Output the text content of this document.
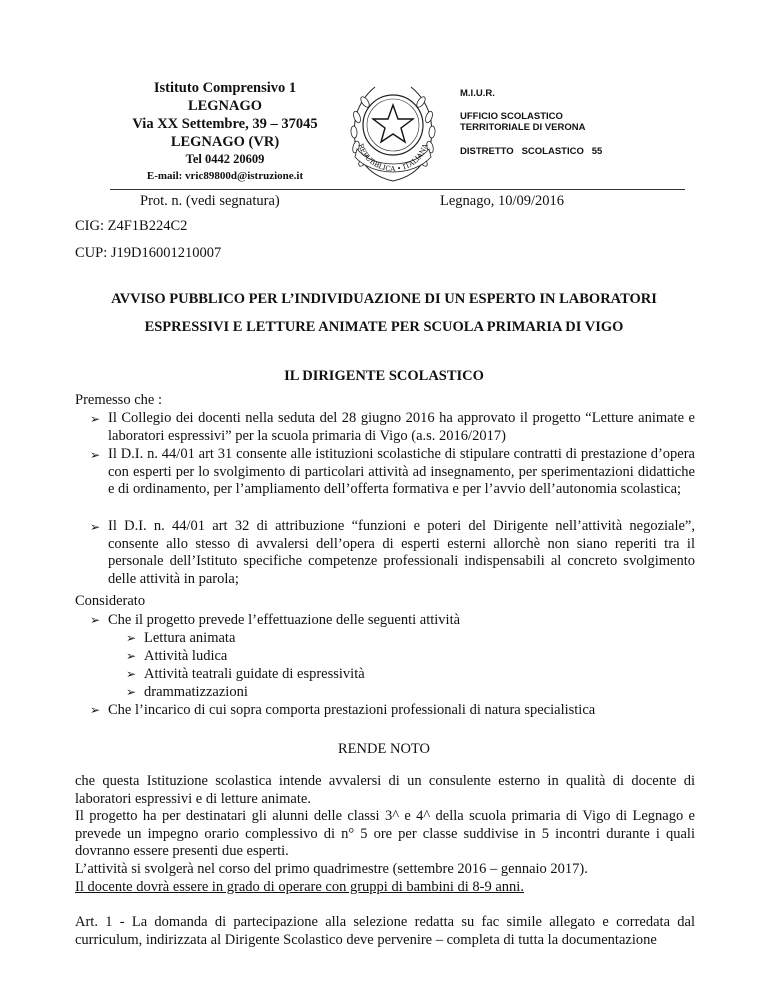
Istituto Comprensivo 1
LEGNAGO
Via XX Settembre, 39 – 37045
LEGNAGO (VR)
Tel 0442 20609
E-mail: vric89800d@istruzione.it
REPUBBLICA • ITALIANA
M.I.U.R.
UFFICIO SCOLASTICO
TERRITORIALE DI VERONA
DISTRETTO   SCOLASTICO   55
Prot. n. (vedi segnatura)	Legnago, 10/09/2016
CIG: Z4F1B224C2
CUP: J19D16001210007
AVVISO PUBBLICO PER L’INDIVIDUAZIONE DI UN ESPERTO IN LABORATORI
ESPRESSIVI E LETTURE ANIMATE PER SCUOLA PRIMARIA DI VIGO
IL DIRIGENTE SCOLASTICO
Premesso che :
➢ Il Collegio dei docenti nella seduta del 28 giugno 2016 ha approvato il progetto “Letture animate e laboratori espressivi” per la scuola primaria di Vigo (a.s. 2016/2017)
➢ Il D.I. n. 44/01 art 31 consente alle istituzioni scolastiche di stipulare contratti di prestazione d’opera con esperti per lo svolgimento di particolari attività ad insegnamento, per sperimentazioni didattiche e di ordinamento, per l’ampliamento dell’offerta formativa e per l’avvio dell’autonomia scolastica;
➢ Il D.I. n. 44/01 art 32 di attribuzione “funzioni e poteri del Dirigente nell’attività negoziale”, consente allo stesso di avvalersi dell’opera di esperti esterni allorchè non siano reperiti tra il personale dell’Istituto specifiche competenze professionali indispensabili al concreto svolgimento delle attività in parola;
Considerato
➢ Che il progetto prevede l’effettuazione delle seguenti attività
➢ Lettura animata
➢ Attività ludica
➢ Attività teatrali guidate di espressività
➢ drammatizzazioni
➢ Che l’incarico di cui sopra comporta prestazioni professionali di natura specialistica
RENDE NOTO
che questa Istituzione scolastica intende avvalersi di un consulente esterno in qualità di docente di laboratori espressivi e di letture animate.
Il progetto ha per destinatari gli alunni delle classi 3^ e 4^ della scuola primaria di Vigo di Legnago e prevede un impegno orario complessivo di n° 5 ore per classe suddivise in 5 incontri durante i quali dovranno essere presenti due esperti.
L’attività si svolgerà nel corso del primo quadrimestre (settembre 2016 – gennaio 2017).
Il docente dovrà essere in grado di operare con gruppi di bambini di 8-9 anni.
Art. 1 - La domanda di partecipazione alla selezione redatta su fac simile allegato e corredata dal curriculum, indirizzata al Dirigente Scolastico deve pervenire – completa di tutta la documentazione
